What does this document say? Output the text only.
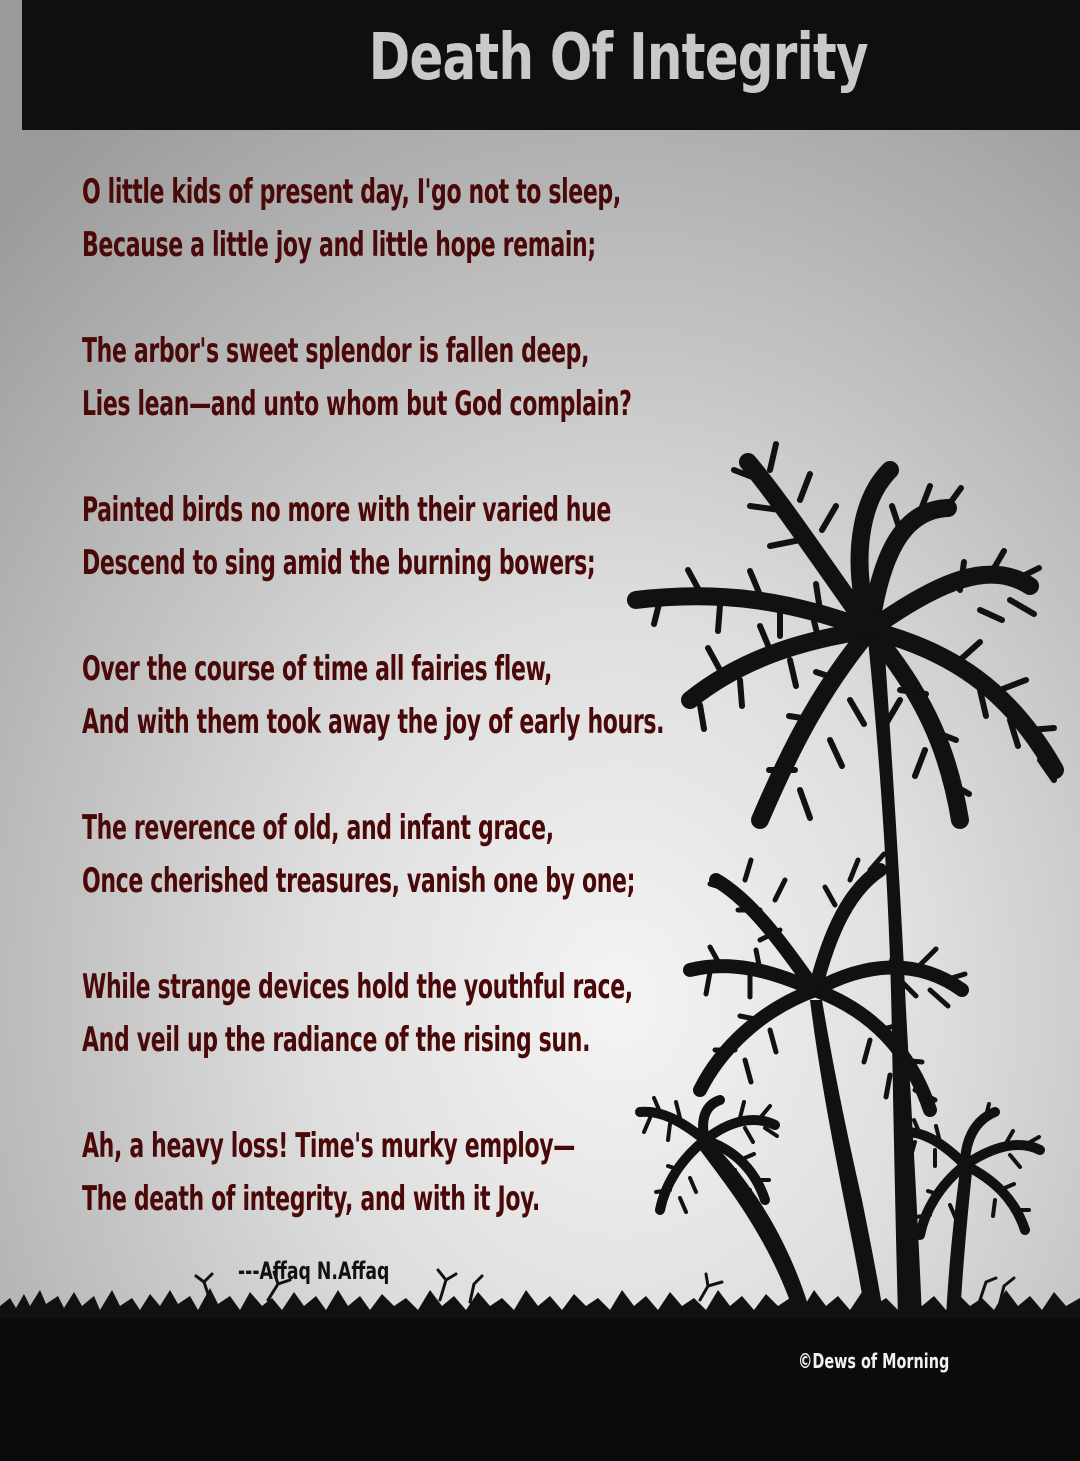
Death Of Integrity
O little kids of present day, I'go not to sleep,
Because a little joy and little hope remain;
The arbor's sweet splendor is fallen deep,
Lies lean—and unto whom but God complain?
Painted birds no more with their varied hue
Descend to sing amid the burning bowers;
Over the course of time all fairies flew,
And with them took away the joy of early hours.
The reverence of old, and infant grace,
Once cherished treasures, vanish one by one;
While strange devices hold the youthful race,
And veil up the radiance of the rising sun.
Ah, a heavy loss! Time's murky employ—
The death of integrity, and with it Joy.
---Affaq N.Affaq
©Dews of Morning
